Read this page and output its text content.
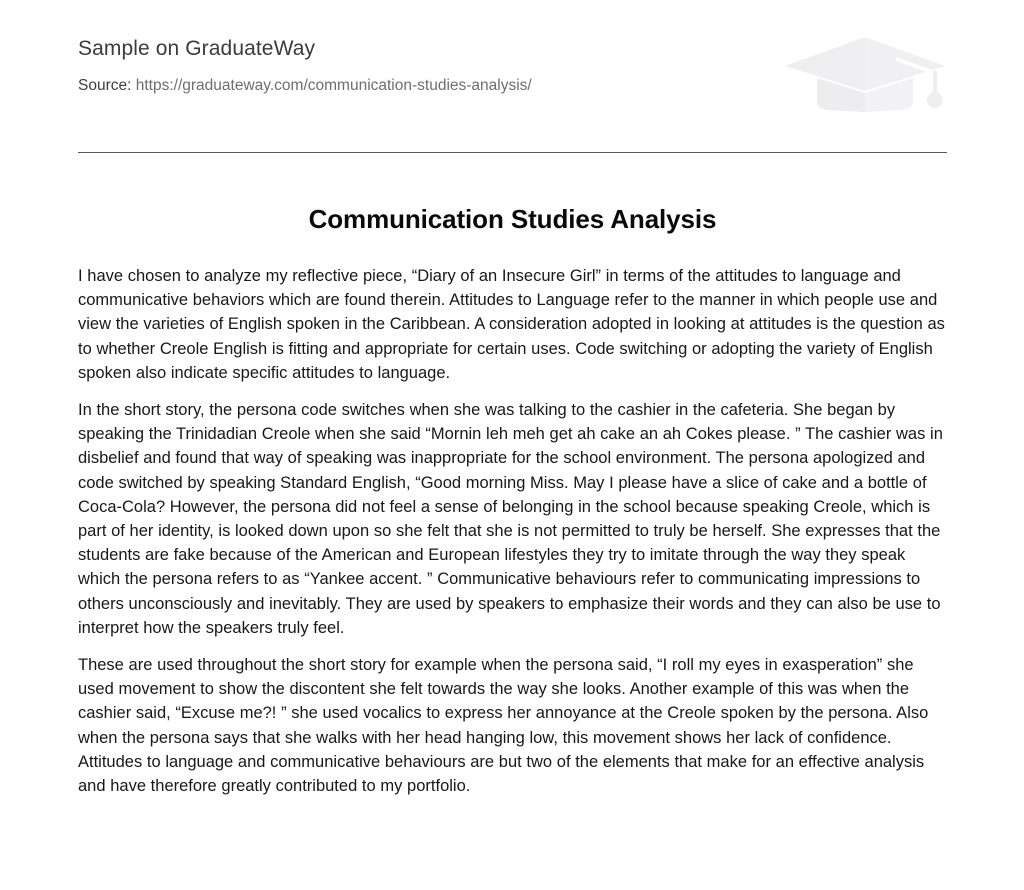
Sample on GraduateWay
Source: https://graduateway.com/communication-studies-analysis/
Communication Studies Analysis

I have chosen to analyze my reflective piece, “Diary of an Insecure Girl” in terms of the attitudes to language and communicative behaviors which are found therein. Attitudes to Language refer to the manner in which people use and view the varieties of English spoken in the Caribbean. A consideration adopted in looking at attitudes is the question as to whether Creole English is fitting and appropriate for certain uses. Code switching or adopting the variety of English spoken also indicate specific attitudes to language.

In the short story, the persona code switches when she was talking to the cashier in the cafeteria. She began by speaking the Trinidadian Creole when she said “Mornin leh meh get ah cake an ah Cokes please. ” The cashier was in disbelief and found that way of speaking was inappropriate for the school environment. The persona apologized and code switched by speaking Standard English, “Good morning Miss. May I please have a slice of cake and a bottle of Coca-Cola? However, the persona did not feel a sense of belonging in the school because speaking Creole, which is part of her identity, is looked down upon so she felt that she is not permitted to truly be herself. She expresses that the students are fake because of the American and European lifestyles they try to imitate through the way they speak which the persona refers to as “Yankee accent. ” Communicative behaviours refer to communicating impressions to others unconsciously and inevitably. They are used by speakers to emphasize their words and they can also be use to interpret how the speakers truly feel.

These are used throughout the short story for example when the persona said, “I roll my eyes in exasperation” she used movement to show the discontent she felt towards the way she looks. Another example of this was when the cashier said, “Excuse me?! ” she used vocalics to express her annoyance at the Creole spoken by the persona. Also when the persona says that she walks with her head hanging low, this movement shows her lack of confidence. Attitudes to language and communicative behaviours are but two of the elements that make for an effective analysis and have therefore greatly contributed to my portfolio.
